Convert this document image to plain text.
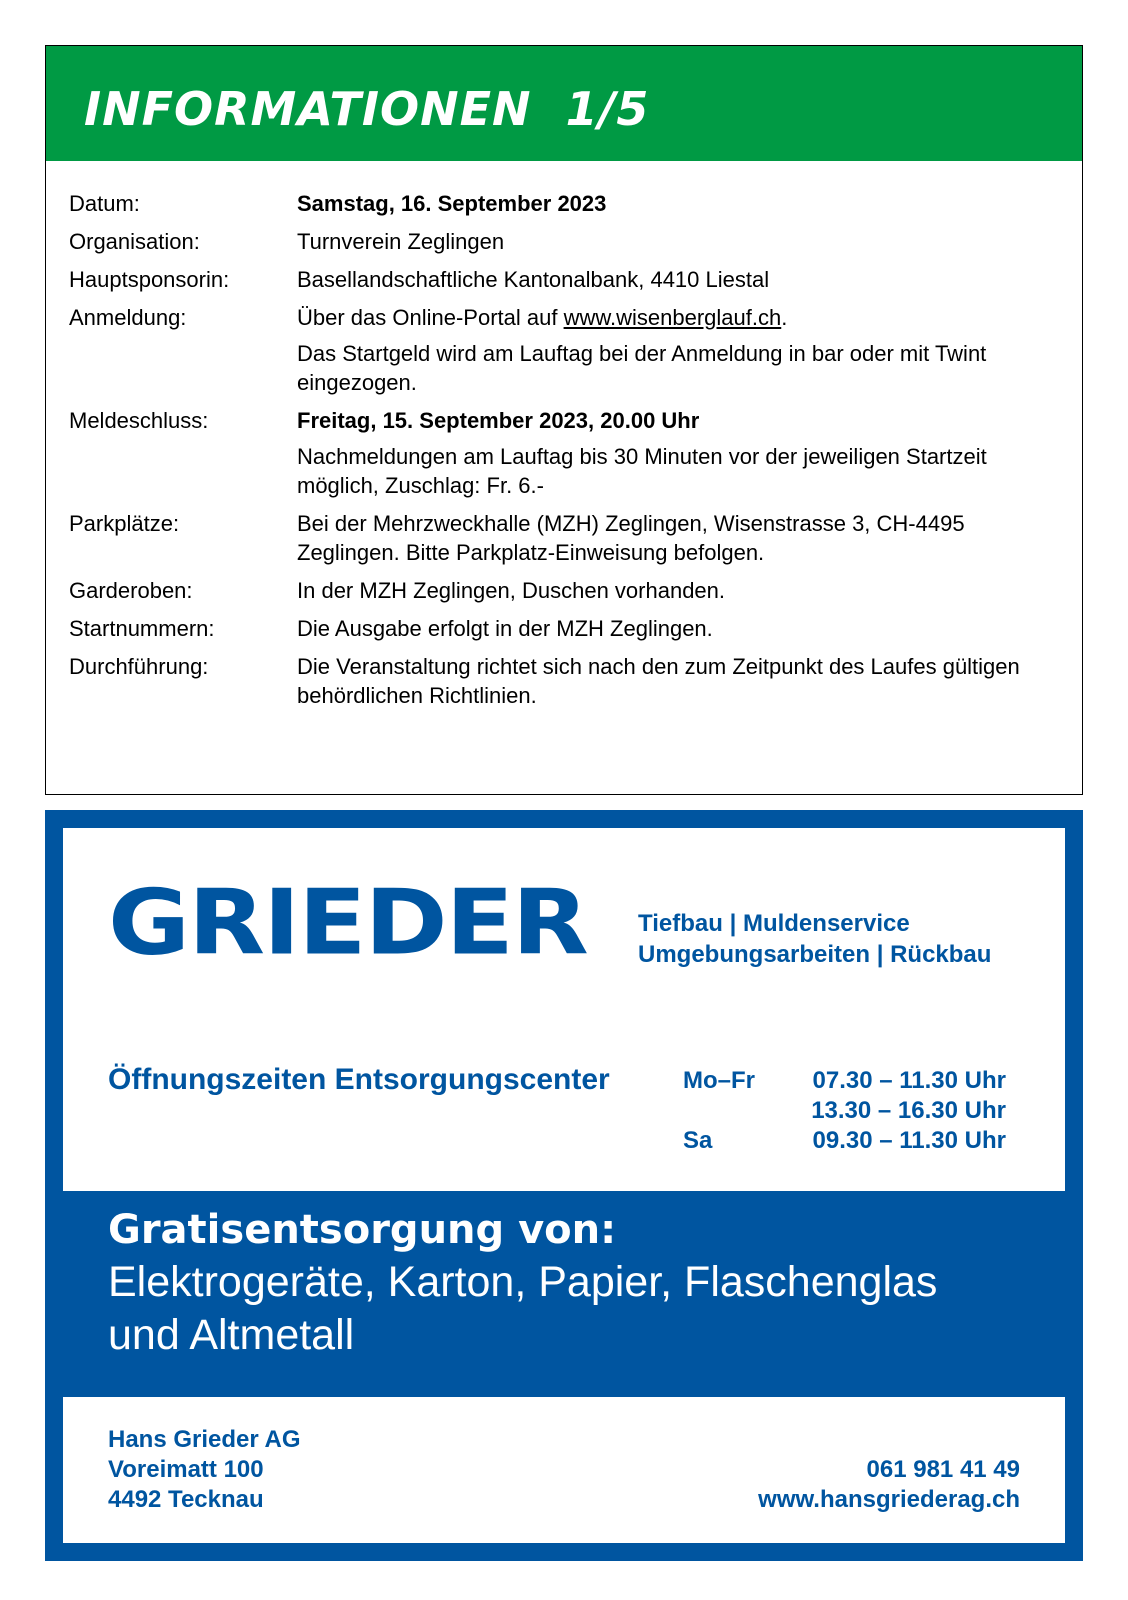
INFORMATIONEN  1/5
Datum:	Samstag, 16. September 2023
Organisation:	Turnverein Zeglingen
Hauptsponsorin:	Basellandschaftliche Kantonalbank, 4410 Liestal
Anmeldung:	Über das Online-Portal auf www.wisenberglauf.ch.
Das Startgeld wird am Lauftag bei der Anmeldung in bar oder mit Twint eingezogen.
Meldeschluss:	Freitag, 15. September 2023, 20.00 Uhr
Nachmeldungen am Lauftag bis 30 Minuten vor der jeweiligen Startzeit möglich, Zuschlag: Fr. 6.-
Parkplätze:	Bei der Mehrzweckhalle (MZH) Zeglingen, Wisenstrasse 3, CH-4495 Zeglingen. Bitte Parkplatz-Einweisung befolgen.
Garderoben:	In der MZH Zeglingen, Duschen vorhanden.
Startnummern:	Die Ausgabe erfolgt in der MZH Zeglingen.
Durchführung:	Die Veranstaltung richtet sich nach den zum Zeitpunkt des Laufes gültigen behördlichen Richtlinien.
GRIEDER Tiefbau | Muldenservice
Umgebungsarbeiten | Rückbau
Öffnungszeiten Entsorgungscenter	Mo–Fr	07.30 – 11.30 Uhr
13.30 – 16.30 Uhr
Sa	09.30 – 11.30 Uhr
Gratisentsorgung von:
Elektrogeräte, Karton, Papier, Flaschenglas
und Altmetall
Hans Grieder AG
Voreimatt 100
4492 Tecknau
061 981 41 49
www.hansgriederag.ch
